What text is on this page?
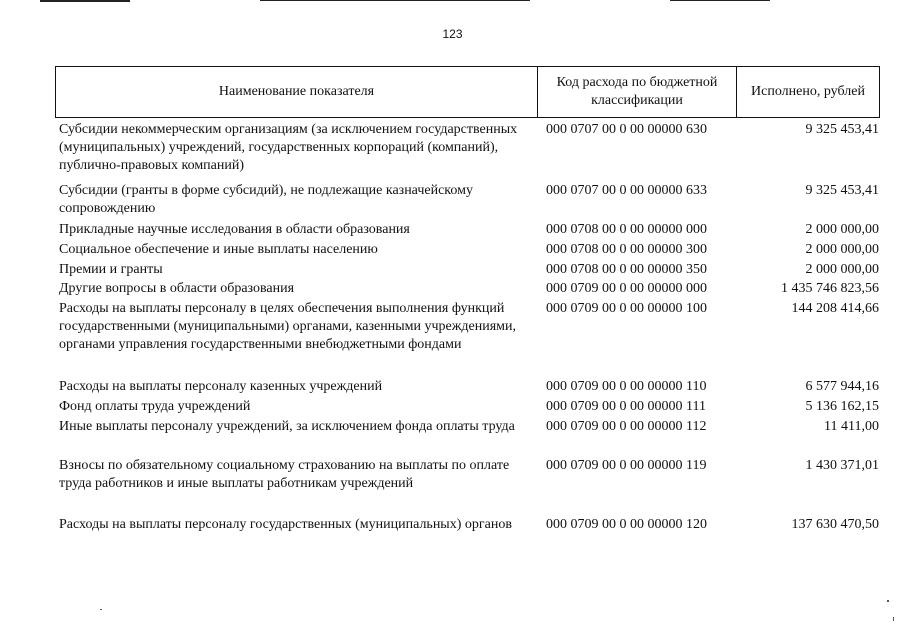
123
Наименование показателя
Код расхода по бюджетной классификации
Исполнено, рублей
Субсидии некоммерческим организациям (за исключением государственных (муниципальных) учреждений, государственных корпораций (компаний), публично-правовых компаний)
000 0707 00 0 00 00000 630	9 325 453,41
Субсидии (гранты в форме субсидий), не подлежащие казначейскому сопровождению
000 0707 00 0 00 00000 633	9 325 453,41
Прикладные научные исследования в области образования	000 0708 00 0 00 00000 000	2 000 000,00
Социальное обеспечение и иные выплаты населению	000 0708 00 0 00 00000 300	2 000 000,00
Премии и гранты	000 0708 00 0 00 00000 350	2 000 000,00
Другие вопросы в области образования	000 0709 00 0 00 00000 000	1 435 746 823,56
Расходы на выплаты персоналу в целях обеспечения выполнения функций государственными (муниципальными) органами, казенными учреждениями, органами управления государственными внебюджетными фондами
000 0709 00 0 00 00000 100	144 208 414,66
Расходы на выплаты персоналу казенных учреждений	000 0709 00 0 00 00000 110	6 577 944,16
Фонд оплаты труда учреждений	000 0709 00 0 00 00000 111	5 136 162,15
Иные выплаты персоналу учреждений, за исключением фонда оплаты труда	000 0709 00 0 00 00000 112	11 411,00
Взносы по обязательному социальному страхованию на выплаты по оплате труда работников и иные выплаты работникам учреждений
000 0709 00 0 00 00000 119	1 430 371,01
Расходы на выплаты персоналу государственных (муниципальных) органов	000 0709 00 0 00 00000 120	137 630 470,50
